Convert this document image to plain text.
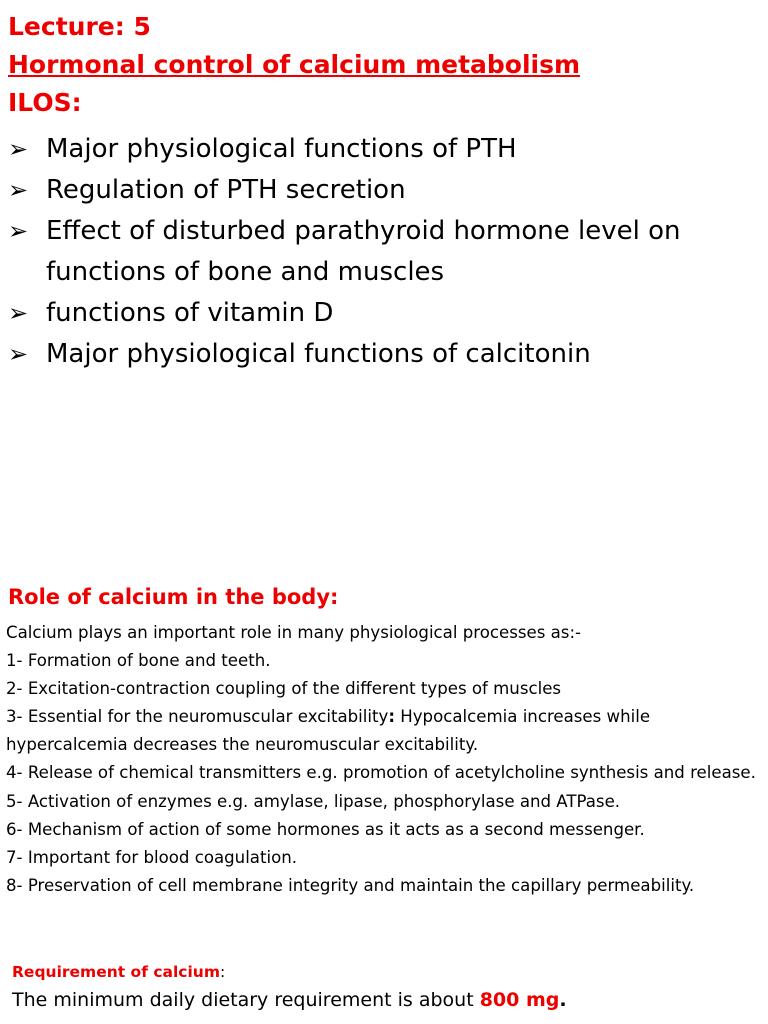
Lecture: 5
Hormonal control of calcium metabolism
ILOS:
➢ Major physiological functions of PTH
➢ Regulation of PTH secretion
➢ Effect of disturbed parathyroid hormone level on functions of bone and muscles
➢ functions of vitamin D
➢ Major physiological functions of calcitonin
Role of calcium in the body:

Calcium plays an important role in many physiological processes as:-

1- Formation of bone and teeth.

2- Excitation-contraction coupling of the different types of muscles

3- Essential for the neuromuscular excitability: Hypocalcemia increases while hypercalcemia decreases the neuromuscular excitability.

4- Release of chemical transmitters e.g. promotion of acetylcholine synthesis and release.

5- Activation of enzymes e.g. amylase, lipase, phosphorylase and ATPase.

6- Mechanism of action of some hormones as it acts as a second messenger.

7- Important for blood coagulation.

8- Preservation of cell membrane integrity and maintain the capillary permeability.

Requirement of calcium:

The minimum daily dietary requirement is about 800 mg.
